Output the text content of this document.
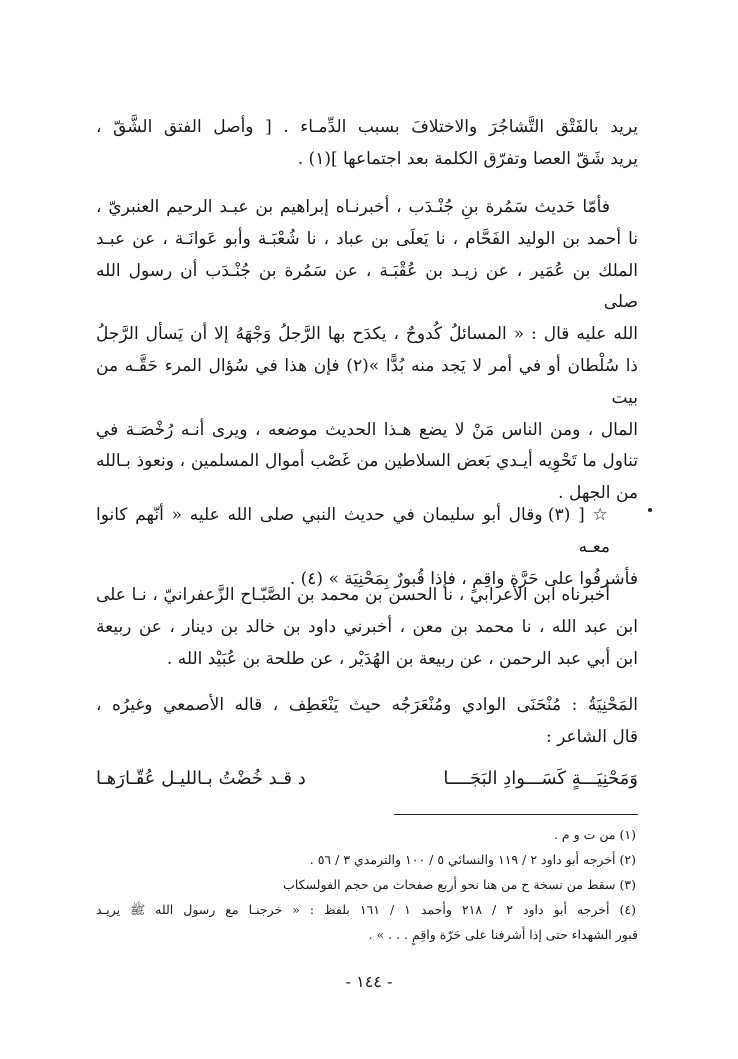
يريد بالفَتْق التَّشاجُرَ والاختلافَ بسبب الدِّمـاء . [ وأصل الفتق الشَّقّ ،

يريد شَقّ العصا وتفرّق الكلمة بعد اجتماعها ](١) .

فأمّا حَديث سَمُرة بنِ جُنْـدَب ، أخبرنـاه إبراهيم بن عبـد الرحيم العنبريّ ،

نا أحمد بن الوليد الفَحَّام ، نا يَعلَى بن عباد ، نا شُعْبَـة وأبو عَوانَـة ، عن عبـد

الملك بن عُمَير ، عن زيـد بن عُقْبَـة ، عن سَمُرة بن جُنْـدَب أن رسول الله صلى

الله عليه قال : « المسائلُ كُدوحٌ ، يكدَح بها الرَّجلُ وَجْهَهُ إلا أن يَسأل الرَّجلُ

ذا سُلْطان أو في أمر لا يَجد منه بُدًّا »(٢) فإن هذا في سُؤال المرء حَقَّـه من بيت

المال ، ومن الناس مَنْ لا يضع هـذا الحديث موضعه ، ويرى أنـه رُخْصَـة في

تناول ما تَحْوِيه أيـدي بَعض السلاطين من غَصْب أموال المسلمين ، ونعوذ بـالله

من الجهل .

☆ [ (٣) وقال أبو سليمان في حديث النبي صلى الله عليه « أنّهم كانوا معـه

فأشرفُوا على حَرَّة واقِمٍ ، فإذا قُبورٌ بِمَحْنِيَة » (٤) .

أخبرناه ابن الأعرابي ، نا الحسن بن محمد بن الصَّبّـاح الزَّعفرانيّ ، نـا على

ابن عبد الله ، نا محمد بن معن ، أخبرني داود بن خالد بن دينار ، عن ربيعة

ابن أبي عبد الرحمن ، عن ربيعة بن الهُدَيْر ، عن طلحة بن عُبَيْد الله .

المَحْنِيَةُ : مُنْحَنَى الوادي ومُنْعَرَجُه حيث يَنْعَطِف ، قاله الأصمعي وغيرُه ،

قال الشاعر :

وَمَحْنِيَـــةٍ كَسَـــوادِ البَجَــــا
د قـد خُضْتُ بـالليـل عُقّـارَهـا

(١) من ت و م .

(٢) أخرجه أبو داود ٢ / ١١٩ والنسائي ٥ / ١٠٠ والترمذي ٣ / ٥٦ .

(٣) سقط من نسخة ح من هنا نحو أربع صفحات من حجم الفولسكاب

(٤) أخرجه أبو داود ٢ / ٢١٨ وأحمد ١ / ١٦١ بلفظ : « خرجنـا مع رسول الله ﷺ يريـد

قبور الشهداء حتى إذا أشرفنا على حَرّة واقِمٍ . . . » .

- ١٤٤ -
